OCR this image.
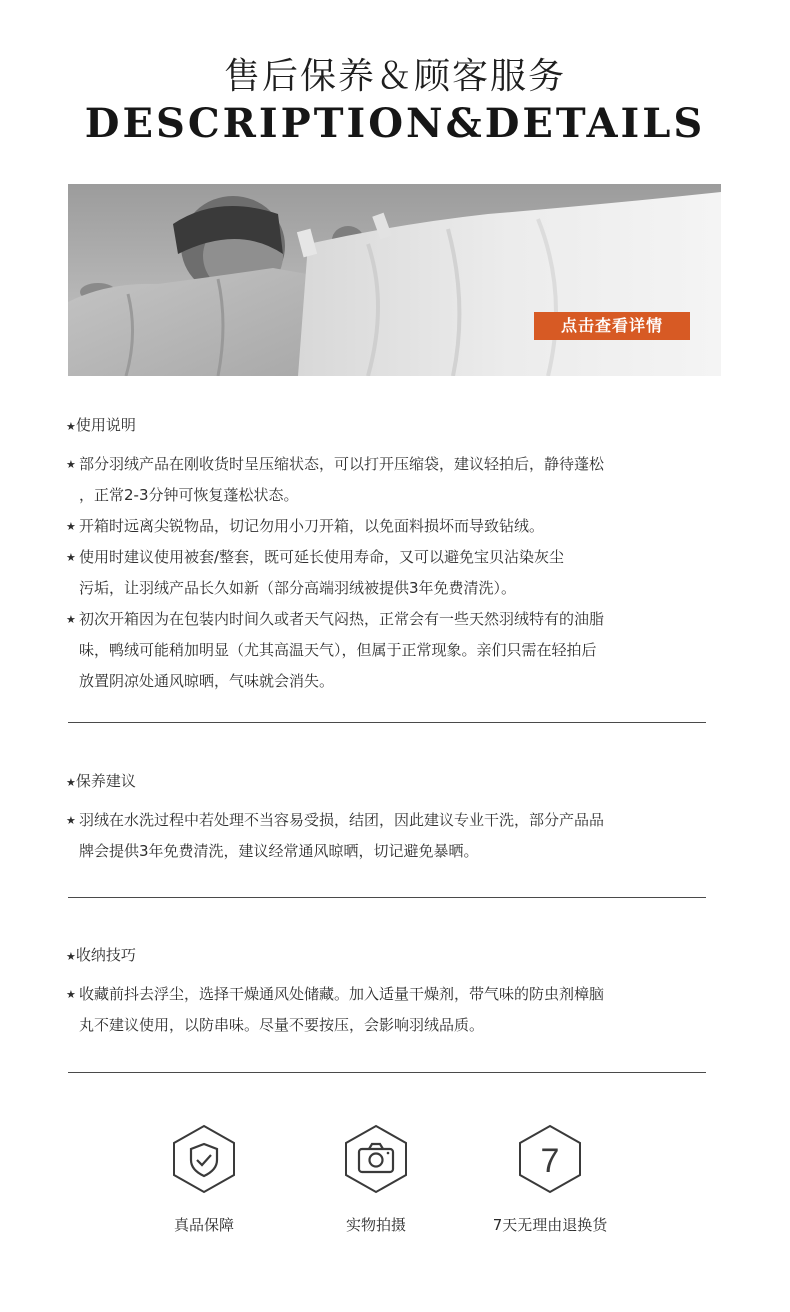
售后保养＆顾客服务
DESCRIPTION&DETAILS
点击查看详情
★使用说明
★ 部分羽绒产品在刚收货时呈压缩状态，可以打开压缩袋，建议轻拍后，静待蓬松
，正常2-3分钟可恢复蓬松状态。
★ 开箱时远离尖锐物品，切记勿用小刀开箱，以免面料损坏而导致钻绒。
★ 使用时建议使用被套/整套，既可延长使用寿命，又可以避免宝贝沾染灰尘
污垢，让羽绒产品长久如新（部分高端羽绒被提供3年免费清洗）。
★ 初次开箱因为在包装内时间久或者天气闷热，正常会有一些天然羽绒特有的油脂
味，鸭绒可能稍加明显（尤其高温天气），但属于正常现象。亲们只需在轻拍后
放置阴凉处通风晾晒，气味就会消失。
★保养建议
★ 羽绒在水洗过程中若处理不当容易受损，结团，因此建议专业干洗，部分产品品
牌会提供3年免费清洗，建议经常通风晾晒，切记避免暴晒。
★收纳技巧
★ 收藏前抖去浮尘，选择干燥通风处储藏。加入适量干燥剂，带气味的防虫剂樟脑
丸不建议使用，以防串味。尽量不要按压，会影响羽绒品质。
7
真品保障	实物拍摄	7天无理由退换货
